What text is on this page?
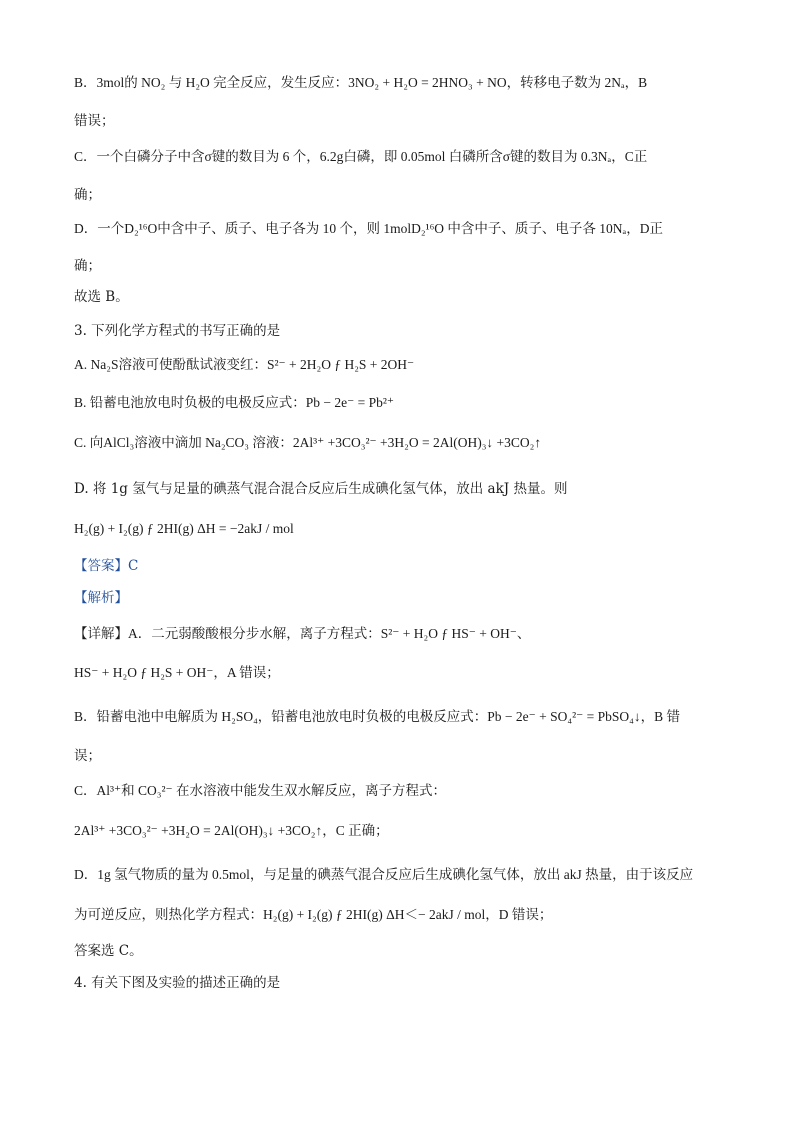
B．3mol的 NO₂ 与 H₂O 完全反应，发生反应：3NO₂ + H₂O = 2HNO₃ + NO，转移电子数为 2Nₐ，B
错误；
C．一个白磷分子中含σ键的数目为 6 个，6.2g白磷，即 0.05mol 白磷所含σ键的数目为 0.3Nₐ，C正
确；
D．一个D₂¹⁶O中含中子、质子、电子各为 10 个，则 1molD₂¹⁶O 中含中子、质子、电子各 10Nₐ，D正
确；
故选 B。
3. 下列化学方程式的书写正确的是
A. Na₂S溶液可使酚酞试液变红：S²⁻ + 2H₂O ƒ H₂S + 2OH⁻
B. 铅蓄电池放电时负极的电极反应式：Pb − 2e⁻ = Pb²⁺
C. 向AlCl₃溶液中滴加 Na₂CO₃ 溶液：2Al³⁺ +3CO₃²⁻ +3H₂O = 2Al(OH)₃↓ +3CO₂↑
D. 将 1g 氢气与足量的碘蒸气混合混合反应后生成碘化氢气体，放出 akJ 热量。则
H₂(g) + I₂(g) ƒ 2HI(g) ΔH = −2akJ / mol
【答案】C
【解析】
【详解】A．二元弱酸酸根分步水解，离子方程式：S²⁻ + H₂O ƒ HS⁻ + OH⁻、
HS⁻ + H₂O ƒ H₂S + OH⁻，A 错误；
B．铅蓄电池中电解质为 H₂SO₄，铅蓄电池放电时负极的电极反应式：Pb − 2e⁻ + SO₄²⁻ = PbSO₄↓，B 错
误；
C．Al³⁺和 CO₃²⁻ 在水溶液中能发生双水解反应，离子方程式：
2Al³⁺ +3CO₃²⁻ +3H₂O = 2Al(OH)₃↓ +3CO₂↑，C 正确；
D．1g 氢气物质的量为 0.5mol，与足量的碘蒸气混合反应后生成碘化氢气体，放出 akJ 热量，由于该反应
为可逆反应，则热化学方程式：H₂(g) + I₂(g) ƒ 2HI(g) ΔH＜− 2akJ / mol，D 错误；
答案选 C。
4. 有关下图及实验的描述正确的是
